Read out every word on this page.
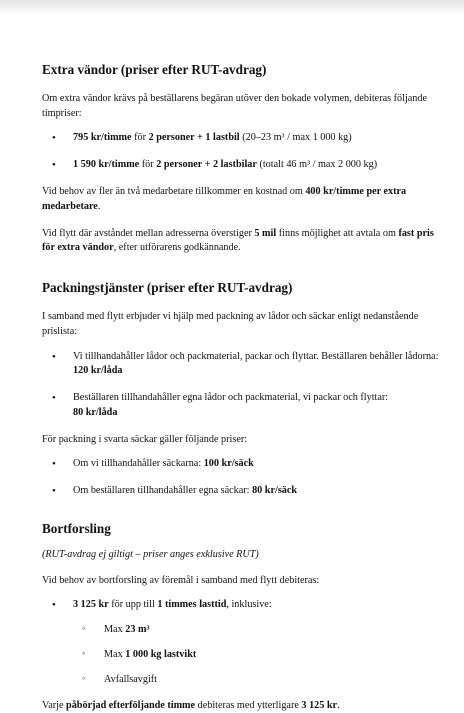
Extra vändor (priser efter RUT-avdrag)

Om extra vändor krävs på beställarens begäran utöver den bokade volymen, debiteras följande timpriser:

• 795 kr/timme för 2 personer + 1 lastbil (20–23 m³ / max 1 000 kg)
• 1 590 kr/timme för 2 personer + 2 lastbilar (totalt 46 m³ / max 2 000 kg)

Vid behov av fler än två medarbetare tillkommer en kostnad om 400 kr/timme per extra medarbetare.

Vid flytt där avståndet mellan adresserna överstiger 5 mil finns möjlighet att avtala om fast pris för extra vändor, efter utförarens godkännande.

Packningstjänster (priser efter RUT-avdrag)

I samband med flytt erbjuder vi hjälp med packning av lådor och säckar enligt nedanstående prislista:

• Vi tillhandahåller lådor och packmaterial, packar och flyttar. Beställaren behåller lådorna:
120 kr/låda
• Beställaren tillhandahåller egna lådor och packmaterial, vi packar och flyttar:
80 kr/låda

För packning i svarta säckar gäller följande priser:

• Om vi tillhandahåller säckarna: 100 kr/säck
• Om beställaren tillhandahåller egna säckar: 80 kr/säck
Bortforsling

(RUT-avdrag ej giltigt – priser anges exklusive RUT)

Vid behov av bortforsling av föremål i samband med flytt debiteras:

• 3 125 kr för upp till 1 timmes lasttid, inklusive:
◦ Max 23 m³
◦ Max 1 000 kg lastvikt
◦ Avfallsavgift

Varje påbörjad efterföljande timme debiteras med ytterligare 3 125 kr.
